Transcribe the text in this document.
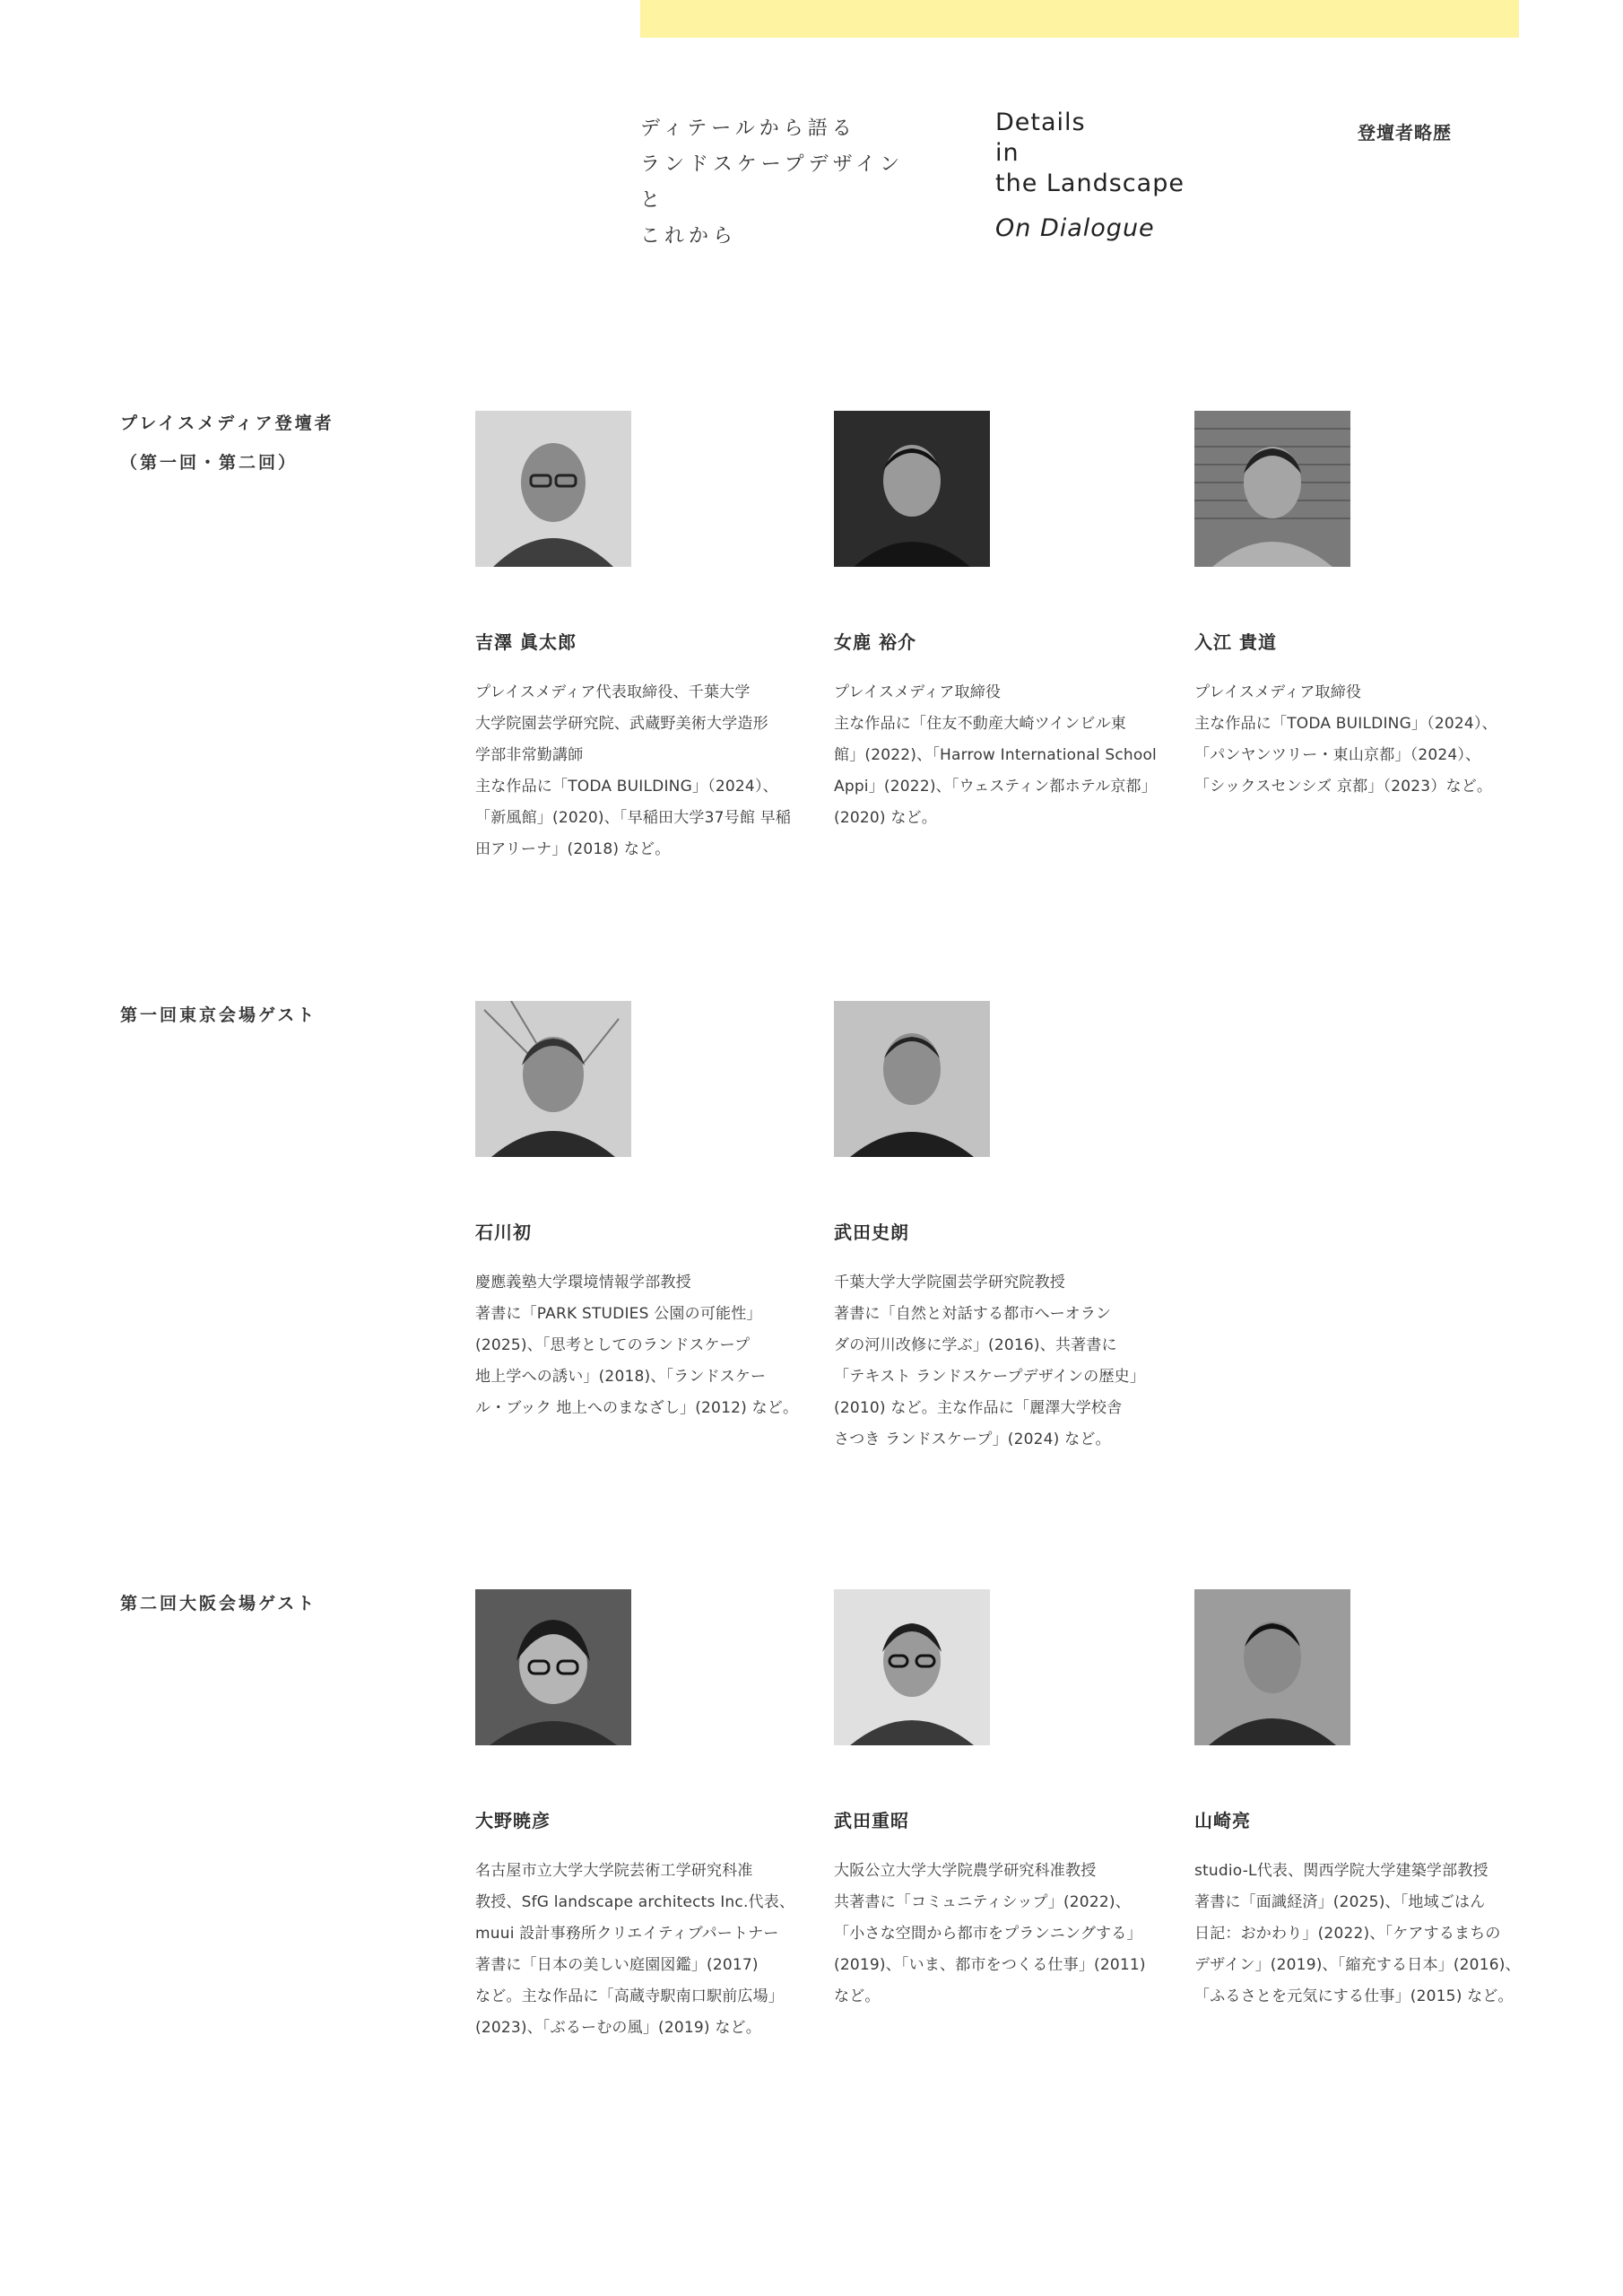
ディテールから語る
ランドスケープデザイン
と
これから
Details
in
the Landscape
On Dialogue
登壇者略歴
プレイスメディア登壇者
（第一回・第二回）
吉澤 眞太郎
プレイスメディア代表取締役、千葉大学
大学院園芸学研究院、武蔵野美術大学造形
学部非常勤講師
主な作品に「TODA BUILDING」（2024）、
「新風館」(2020)、「早稲田大学37号館 早稲
田アリーナ」(2018) など。
女鹿 裕介
プレイスメディア取締役
主な作品に「住友不動産大崎ツインビル東
館」(2022)、「Harrow International School
Appi」(2022)、「ウェスティン都ホテル京都」
(2020) など。
入江 貴道
プレイスメディア取締役
主な作品に「TODA BUILDING」（2024）、
「パンヤンツリー・東山京都」（2024）、
「シックスセンシズ 京都」（2023）など。
第一回東京会場ゲスト
石川初
慶應義塾大学環境情報学部教授
著書に「PARK STUDIES 公園の可能性」
(2025)、「思考としてのランドスケープ
地上学への誘い」(2018)、「ランドスケー
ル・ブック 地上へのまなざし」(2012) など。
武田史朗
千葉大学大学院園芸学研究院教授
著書に「自然と対話する都市へーオラン
ダの河川改修に学ぶ」(2016)、共著書に
「テキスト ランドスケープデザインの歴史」
(2010) など。主な作品に「麗澤大学校舎
さつき ランドスケープ」(2024) など。
第二回大阪会場ゲスト
大野暁彦
名古屋市立大学大学院芸術工学研究科准
教授、SfG landscape architects Inc.代表、
muui 設計事務所クリエイティブパートナー
著書に「日本の美しい庭園図鑑」(2017)
など。主な作品に「高蔵寺駅南口駅前広場」
(2023)、「ぶるーむの風」(2019) など。
武田重昭
大阪公立大学大学院農学研究科准教授
共著書に「コミュニティシップ」(2022)、
「小さな空間から都市をプランニングする」
(2019)、「いま、都市をつくる仕事」(2011)
など。
山崎亮
studio-L代表、関西学院大学建築学部教授
著書に「面識経済」(2025)、「地域ごはん
日記：おかわり」(2022)、「ケアするまちの
デザイン」(2019)、「縮充する日本」(2016)、
「ふるさとを元気にする仕事」(2015) など。
